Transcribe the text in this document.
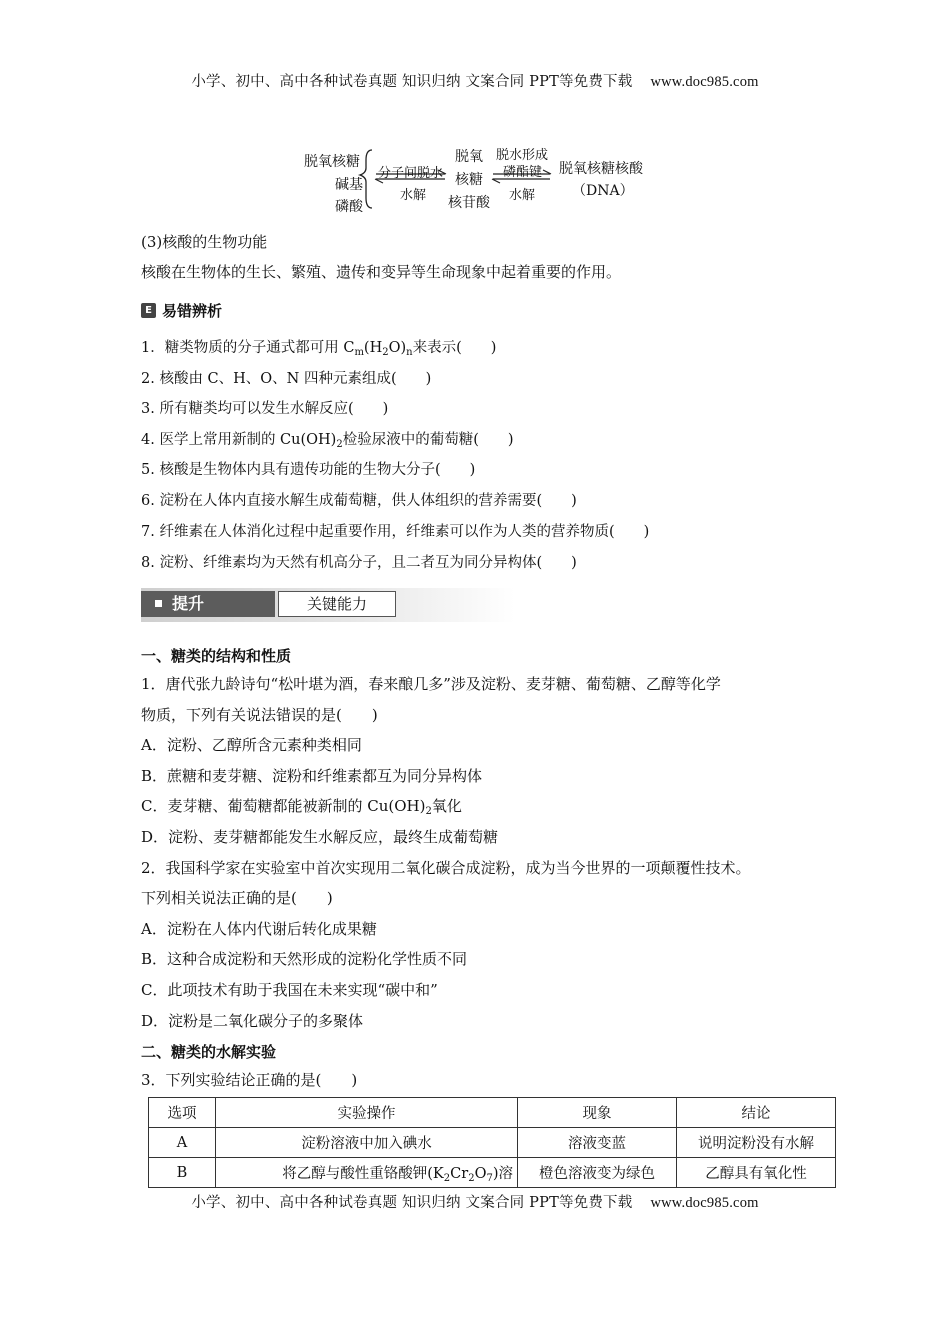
小学、初中、高中各种试卷真题 知识归纳 文案合同 PPT等免费下载 www.doc985.com
脱氧核糖
碱基
磷酸
分子间脱水
水解
脱氧
核糖
核苷酸
脱水形成
磷酯键
水解
脱氧核糖核酸
（DNA）
(3)核酸的生物功能
核酸在生物体的生长、繁殖、遗传和变异等生命现象中起着重要的作用。
E 易错辨析
1．糖类物质的分子通式都可用 $C_m(H_2O)_n$来表示(　　)
2. 核酸由 C、H、O、N 四种元素组成(　　)
3. 所有糖类均可以发生水解反应(　　)
4. 医学上常用新制的 $Cu(OH)_2$检验尿液中的葡萄糖(　　)
5. 核酸是生物体内具有遗传功能的生物大分子(　　)
6. 淀粉在人体内直接水解生成葡萄糖，供人体组织的营养需要(　　)
7. 纤维素在人体消化过程中起重要作用，纤维素可以作为人类的营养物质(　　)
8. 淀粉、纤维素均为天然有机高分子，且二者互为同分异构体(　　)
提升	关键能力
一、糖类的结构和性质
1．唐代张九龄诗句“松叶堪为酒，春来酿几多”涉及淀粉、麦芽糖、葡萄糖、乙醇等化学
物质，下列有关说法错误的是(　　)
A．淀粉、乙醇所含元素种类相同
B．蔗糖和麦芽糖、淀粉和纤维素都互为同分异构体
C．麦芽糖、葡萄糖都能被新制的 $Cu(OH)_2$氧化
D．淀粉、麦芽糖都能发生水解反应，最终生成葡萄糖
2．我国科学家在实验室中首次实现用二氧化碳合成淀粉，成为当今世界的一项颠覆性技术。
下列相关说法正确的是(　　)
A．淀粉在人体内代谢后转化成果糖
B．这种合成淀粉和天然形成的淀粉化学性质不同
C．此项技术有助于我国在未来实现“碳中和”
D．淀粉是二氧化碳分子的多聚体
二、糖类的水解实验
3．下列实验结论正确的是(　　)
选项	实验操作	现象	结论
A	淀粉溶液中加入碘水	溶液变蓝	说明淀粉没有水解
B	将乙醇与酸性重铬酸钾$(K_2Cr_2O_7)$溶	橙色溶液变为绿色	乙醇具有氧化性
小学、初中、高中各种试卷真题 知识归纳 文案合同 PPT等免费下载 www.doc985.com
